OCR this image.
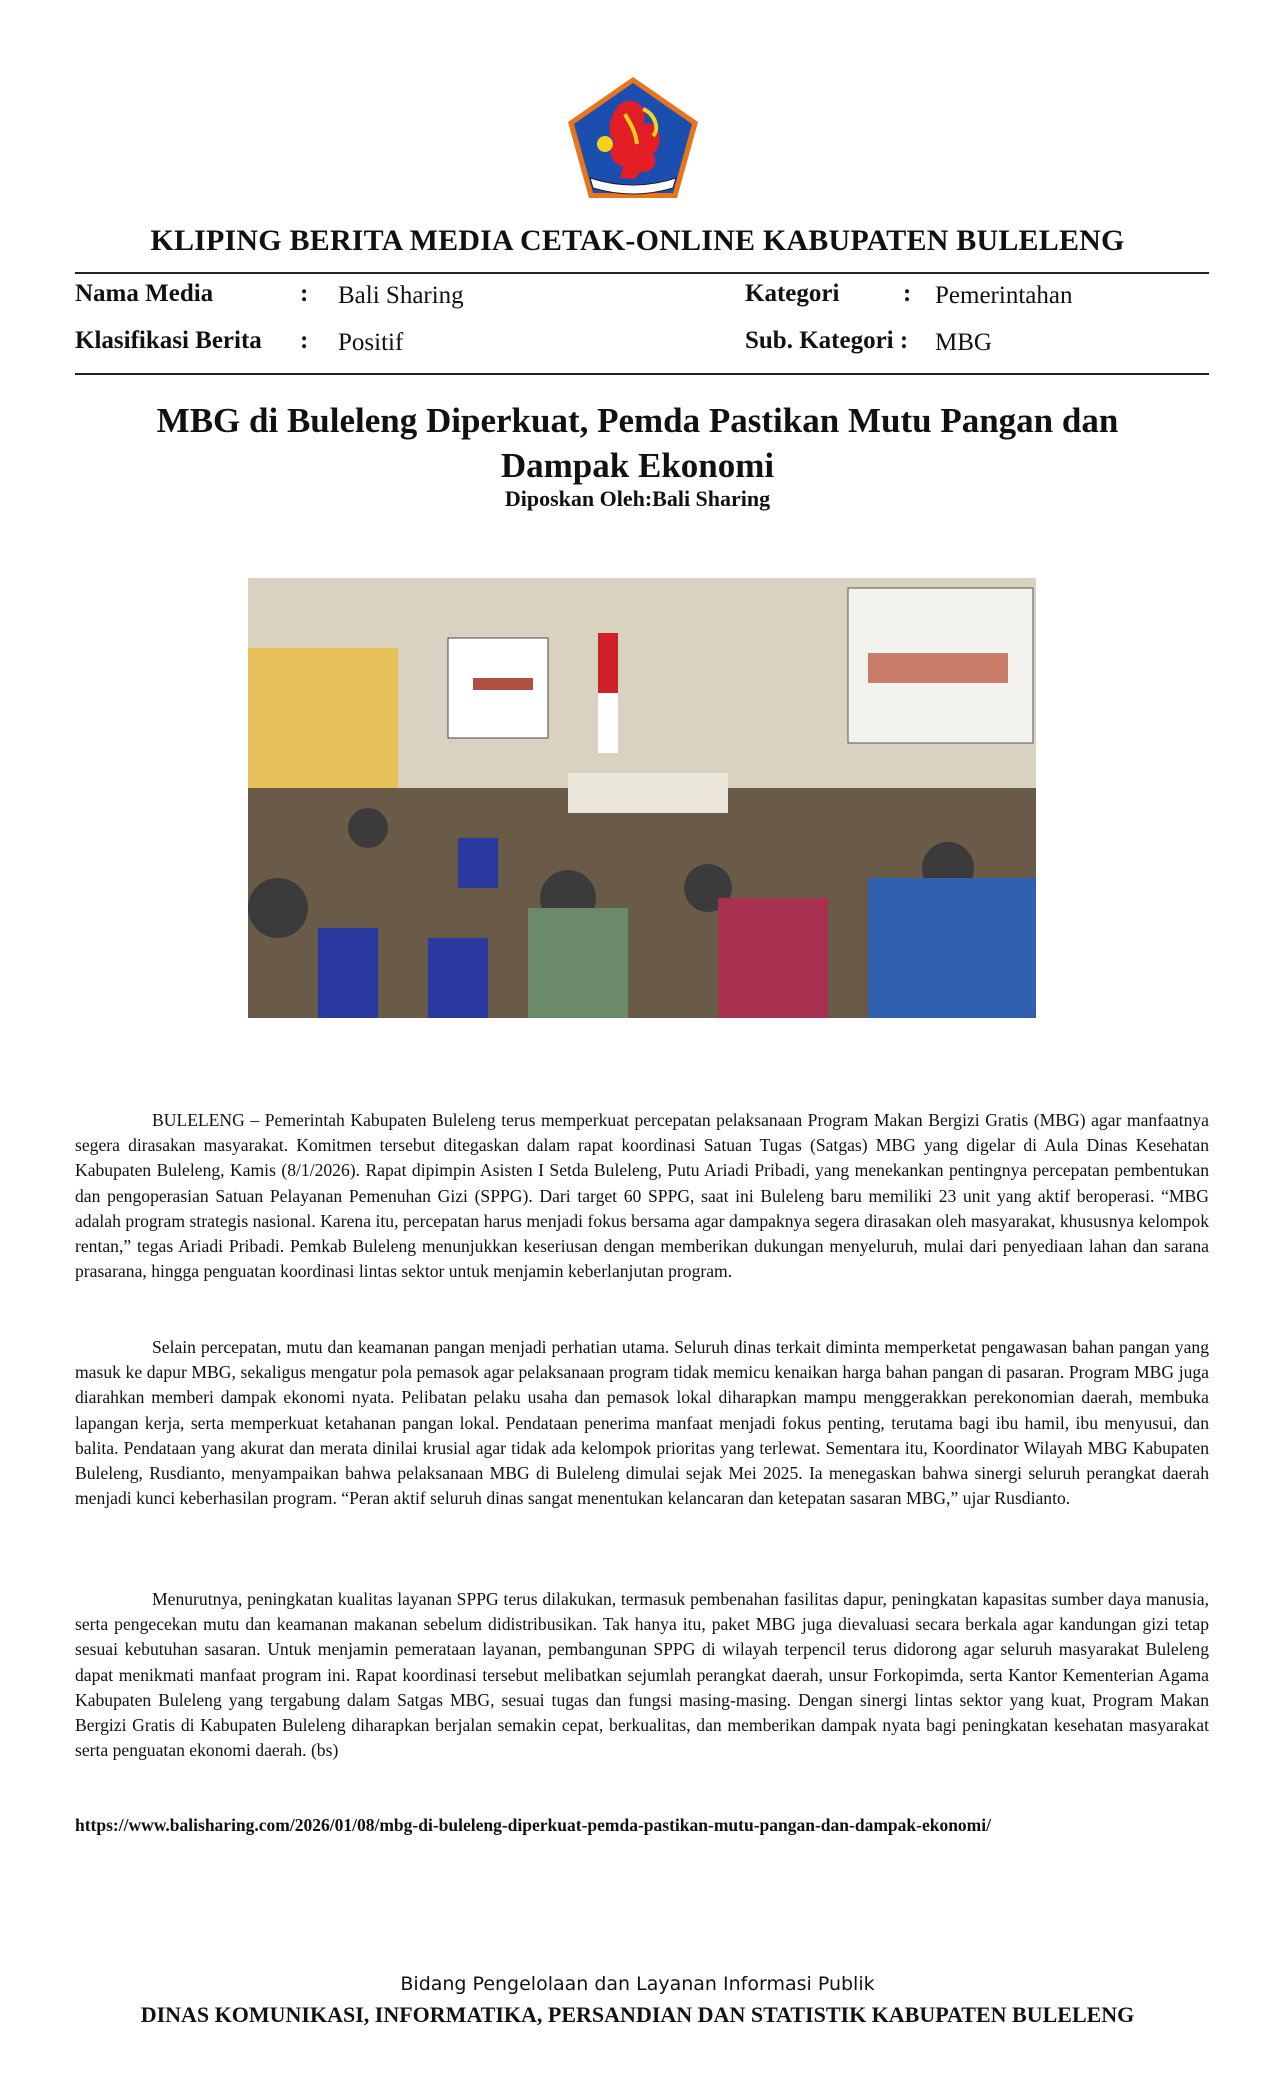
KLIPING BERITA MEDIA CETAK-ONLINE KABUPATEN BULELENG
Nama Media	: Bali Sharing
Klasifikasi Berita : Positif
Kategori	: Pemerintahan
Sub. Kategori : MBG
MBG di Buleleng Diperkuat, Pemda Pastikan Mutu Pangan dan Dampak Ekonomi
Diposkan Oleh:Bali Sharing

BULELENG – Pemerintah Kabupaten Buleleng terus memperkuat percepatan pelaksanaan Program Makan Bergizi Gratis (MBG) agar manfaatnya segera dirasakan masyarakat. Komitmen tersebut ditegaskan dalam rapat koordinasi Satuan Tugas (Satgas) MBG yang digelar di Aula Dinas Kesehatan Kabupaten Buleleng, Kamis (8/1/2026). Rapat dipimpin Asisten I Setda Buleleng, Putu Ariadi Pribadi, yang menekankan pentingnya percepatan pembentukan dan pengoperasian Satuan Pelayanan Pemenuhan Gizi (SPPG). Dari target 60 SPPG, saat ini Buleleng baru memiliki 23 unit yang aktif beroperasi. “MBG adalah program strategis nasional. Karena itu, percepatan harus menjadi fokus bersama agar dampaknya segera dirasakan oleh masyarakat, khususnya kelompok rentan,” tegas Ariadi Pribadi. Pemkab Buleleng menunjukkan keseriusan dengan memberikan dukungan menyeluruh, mulai dari penyediaan lahan dan sarana prasarana, hingga penguatan koordinasi lintas sektor untuk menjamin keberlanjutan program.

Selain percepatan, mutu dan keamanan pangan menjadi perhatian utama. Seluruh dinas terkait diminta memperketat pengawasan bahan pangan yang masuk ke dapur MBG, sekaligus mengatur pola pemasok agar pelaksanaan program tidak memicu kenaikan harga bahan pangan di pasaran. Program MBG juga diarahkan memberi dampak ekonomi nyata. Pelibatan pelaku usaha dan pemasok lokal diharapkan mampu menggerakkan perekonomian daerah, membuka lapangan kerja, serta memperkuat ketahanan pangan lokal. Pendataan penerima manfaat menjadi fokus penting, terutama bagi ibu hamil, ibu menyusui, dan balita. Pendataan yang akurat dan merata dinilai krusial agar tidak ada kelompok prioritas yang terlewat. Sementara itu, Koordinator Wilayah MBG Kabupaten Buleleng, Rusdianto, menyampaikan bahwa pelaksanaan MBG di Buleleng dimulai sejak Mei 2025. Ia menegaskan bahwa sinergi seluruh perangkat daerah menjadi kunci keberhasilan program. “Peran aktif seluruh dinas sangat menentukan kelancaran dan ketepatan sasaran MBG,” ujar Rusdianto.

Menurutnya, peningkatan kualitas layanan SPPG terus dilakukan, termasuk pembenahan fasilitas dapur, peningkatan kapasitas sumber daya manusia, serta pengecekan mutu dan keamanan makanan sebelum didistribusikan. Tak hanya itu, paket MBG juga dievaluasi secara berkala agar kandungan gizi tetap sesuai kebutuhan sasaran. Untuk menjamin pemerataan layanan, pembangunan SPPG di wilayah terpencil terus didorong agar seluruh masyarakat Buleleng dapat menikmati manfaat program ini. Rapat koordinasi tersebut melibatkan sejumlah perangkat daerah, unsur Forkopimda, serta Kantor Kementerian Agama Kabupaten Buleleng yang tergabung dalam Satgas MBG, sesuai tugas dan fungsi masing-masing. Dengan sinergi lintas sektor yang kuat, Program Makan Bergizi Gratis di Kabupaten Buleleng diharapkan berjalan semakin cepat, berkualitas, dan memberikan dampak nyata bagi peningkatan kesehatan masyarakat serta penguatan ekonomi daerah. (bs)

https://www.balisharing.com/2026/01/08/mbg-di-buleleng-diperkuat-pemda-pastikan-mutu-pangan-dan-dampak-ekonomi/
Bidang Pengelolaan dan Layanan Informasi Publik
DINAS KOMUNIKASI, INFORMATIKA, PERSANDIAN DAN STATISTIK KABUPATEN BULELENG
